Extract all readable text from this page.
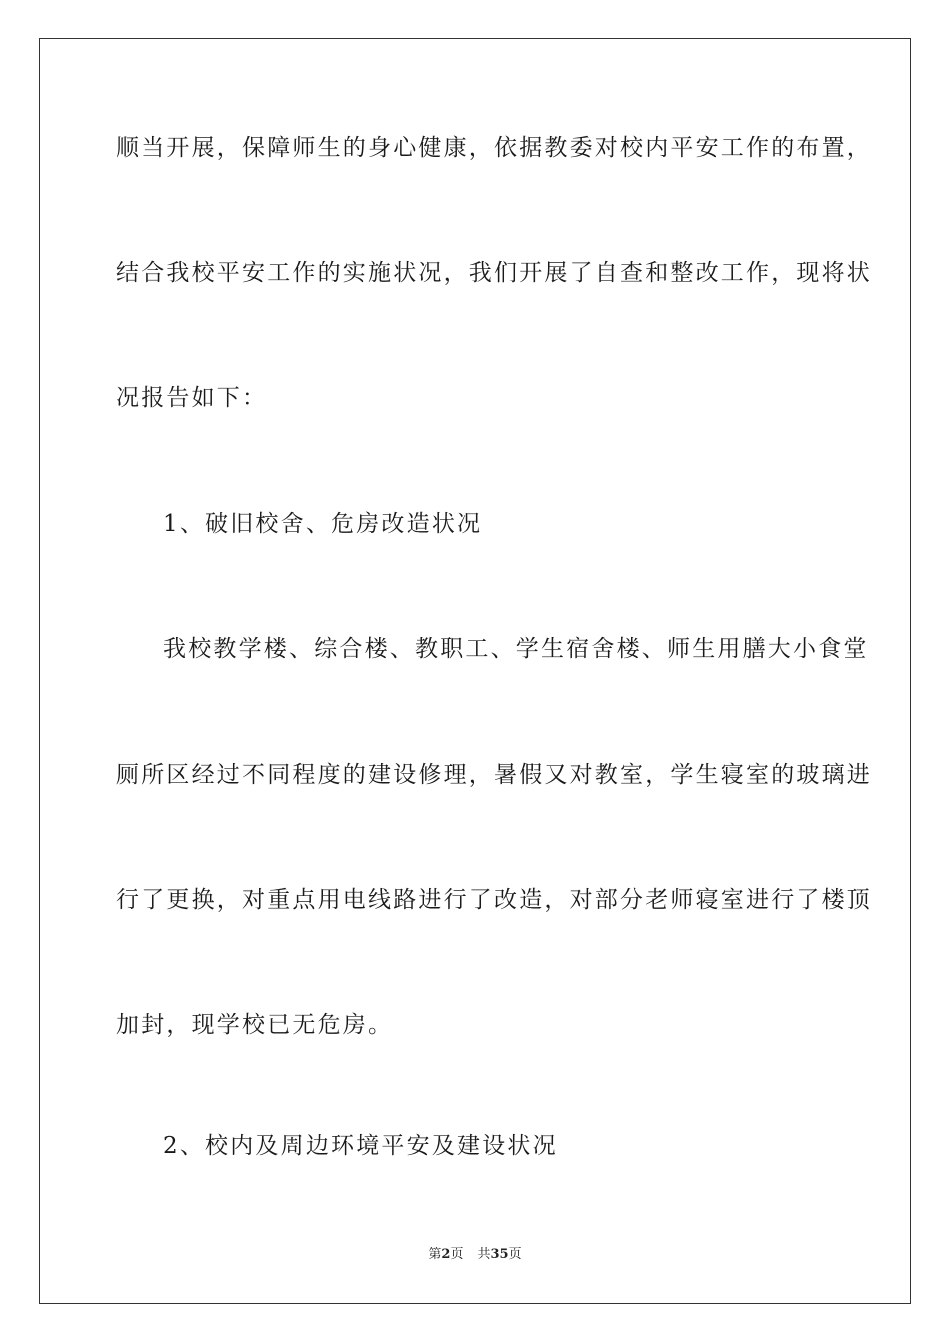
顺当开展，保障师生的身心健康，依据教委对校内平安工作的布置，
结合我校平安工作的实施状况，我们开展了自查和整改工作，现将状
况报告如下：
1、破旧校舍、危房改造状况
我校教学楼、综合楼、教职工、学生宿舍楼、师生用膳大小食堂
厕所区经过不同程度的建设修理，暑假又对教室，学生寝室的玻璃进
行了更换，对重点用电线路进行了改造，对部分老师寝室进行了楼顶
加封，现学校已无危房。
2、校内及周边环境平安及建设状况
第2页 共35页
